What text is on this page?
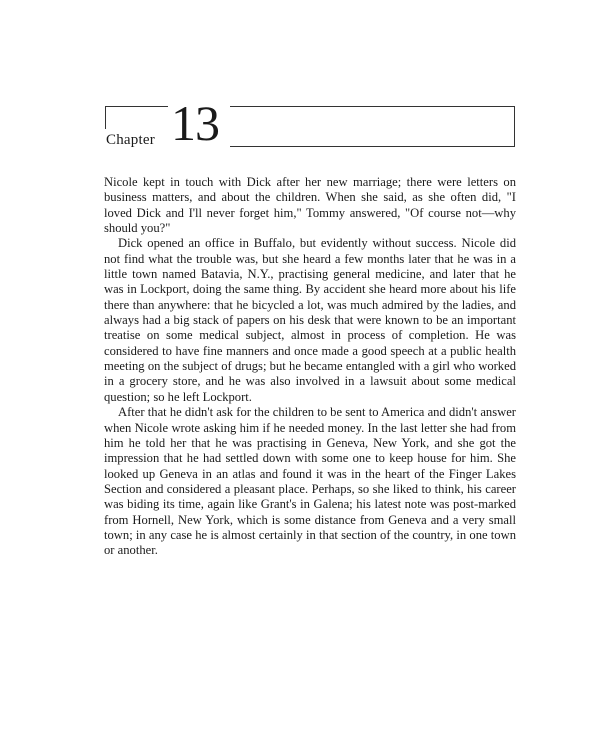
Chapter 13

Nicole kept in touch with Dick after her new marriage; there were letters on business matters, and about the children. When she said, as she often did, "I loved Dick and I'll never forget him," Tommy answered, "Of course not—why should you?"

Dick opened an office in Buffalo, but evidently without success. Nicole did not find what the trouble was, but she heard a few months later that he was in a little town named Batavia, N.Y., practising general medicine, and later that he was in Lockport, doing the same thing. By accident she heard more about his life there than anywhere: that he bicycled a lot, was much admired by the ladies, and always had a big stack of papers on his desk that were known to be an important treatise on some medical subject, almost in process of completion. He was considered to have fine manners and once made a good speech at a public health meeting on the subject of drugs; but he became entangled with a girl who worked in a grocery store, and he was also involved in a lawsuit about some medical question; so he left Lockport.

After that he didn't ask for the children to be sent to America and didn't answer when Nicole wrote asking him if he needed money. In the last letter she had from him he told her that he was practising in Geneva, New York, and she got the impression that he had settled down with some one to keep house for him. She looked up Geneva in an atlas and found it was in the heart of the Finger Lakes Section and considered a pleasant place. Perhaps, so she liked to think, his career was biding its time, again like Grant's in Galena; his latest note was post-marked from Hornell, New York, which is some distance from Geneva and a very small town; in any case he is almost certainly in that section of the country, in one town or another.
